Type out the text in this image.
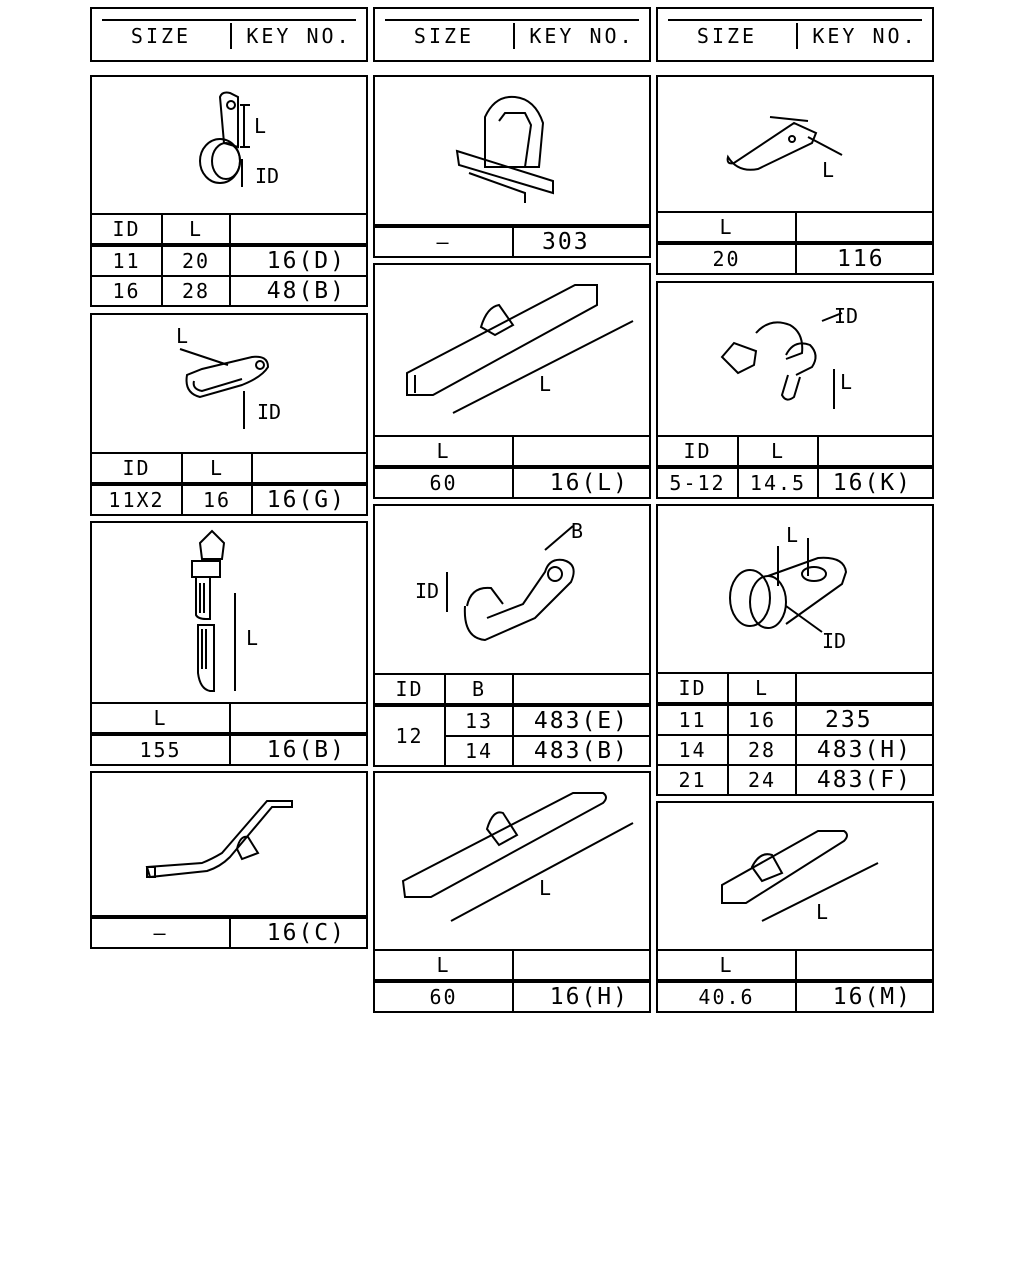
SIZE	KEY NO.	SIZE	KEY NO.	SIZE	KEY NO.
L
ID
ID	L	
11	20	16(D)
16	28	48(B)
L
ID
ID	L	
11X2	16	16(G)
L
L	
155	16(B)
—	16(C)
—	303
L
L	
60	16(L)
ID
B
ID	B	
12	13	483(E)
	14	483(B)
L
L	
60	16(H)
L
L	
20	116
ID
L
ID	L	
5-12	14.5	16(K)
L
ID
ID	L	
11	16	235
14	28	483(H)
21	24	483(F)
L
L	
40.6	16(M)
